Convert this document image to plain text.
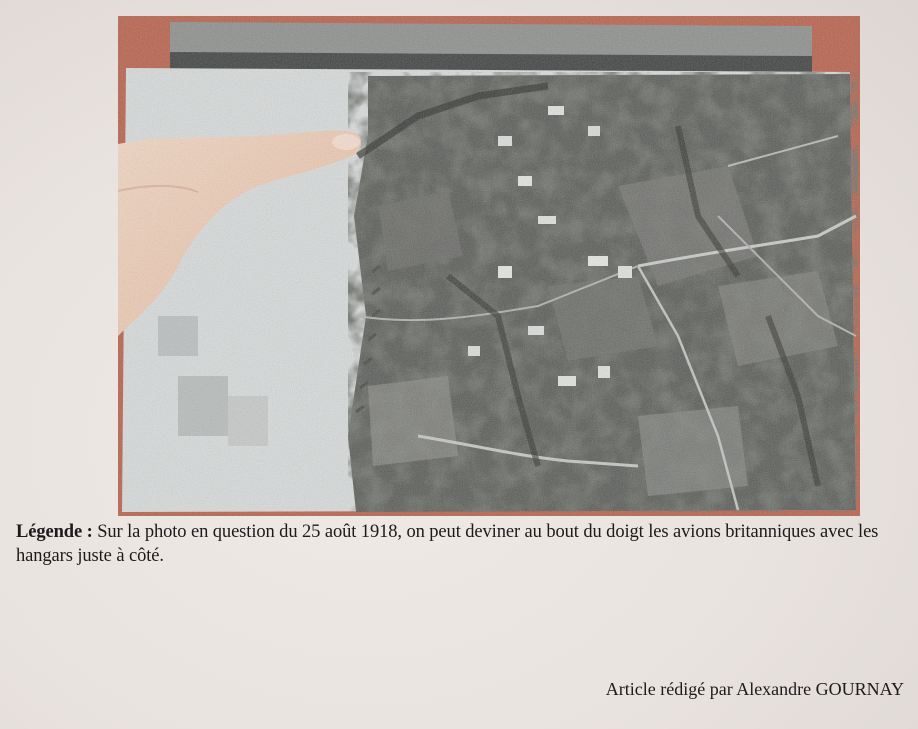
Légende : Sur la photo en question du 25 août 1918, on peut deviner au bout du doigt les avions britanniques avec les hangars juste à côté.
Article rédigé par Alexandre GOURNAY
